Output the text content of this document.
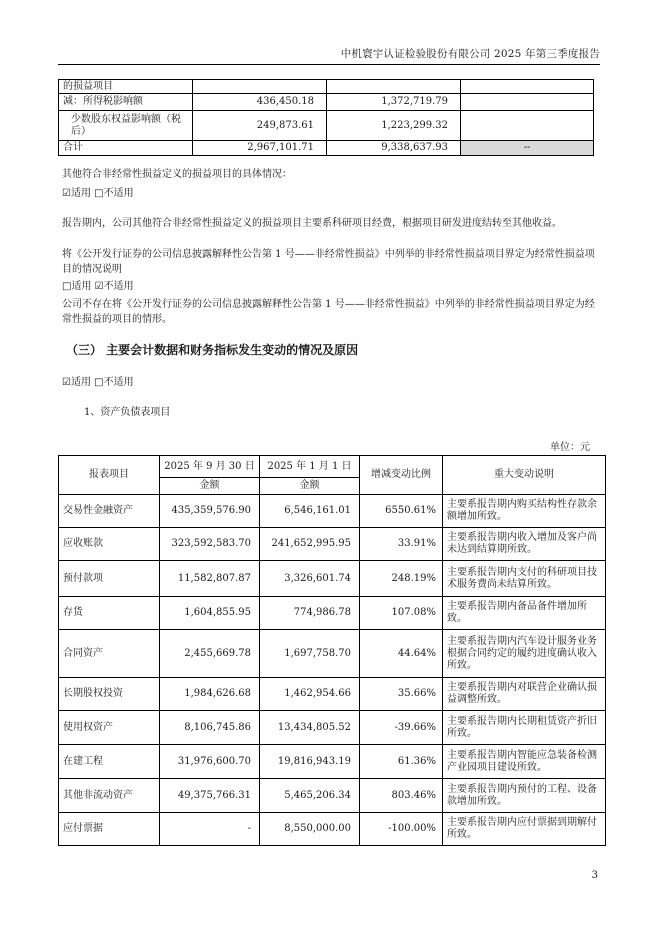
中机寰宇认证检验股份有限公司 2025 年第三季度报告
的损益项目			
减：所得税影响额	436,450.18	1,372,719.79	
少数股东权益影响额（税后）	249,873.61	1,223,299.32	
合计	2,967,101.71	9,338,637.93	--
其他符合非经常性损益定义的损益项目的具体情况：
☑适用 □不适用
报告期内，公司其他符合非经常性损益定义的损益项目主要系科研项目经费，根据项目研发进度结转至其他收益。
将《公开发行证券的公司信息披露解释性公告第 1 号——非经常性损益》中列举的非经常性损益项目界定为经常性损益项目的情况说明
□适用 ☑不适用
公司不存在将《公开发行证券的公司信息披露解释性公告第 1 号——非经常性损益》中列举的非经常性损益项目界定为经常性损益的项目的情形。
（三） 主要会计数据和财务指标发生变动的情况及原因
☑适用 □不适用
1、资产负债表项目
单位：元
报表项目	2025 年 9 月 30 日	2025 年 1 月 1 日	增减变动比例	重大变动说明
	金额	金额		
交易性金融资产	435,359,576.90	6,546,161.01	6550.61%	主要系报告期内购买结构性存款余额增加所致。
应收账款	323,592,583.70	241,652,995.95	33.91%	主要系报告期内收入增加及客户尚未达到结算期所致。
预付款项	11,582,807.87	3,326,601.74	248.19%	主要系报告期内支付的科研项目技术服务费尚未结算所致。
存货	1,604,855.95	774,986.78	107.08%	主要系报告期内备品备件增加所致。
合同资产	2,455,669.78	1,697,758.70	44.64%	主要系报告期内汽车设计服务业务根据合同约定的履约进度确认收入所致。
长期股权投资	1,984,626.68	1,462,954.66	35.66%	主要系报告期内对联营企业确认损益调整所致。
使用权资产	8,106,745.86	13,434,805.52	-39.66%	主要系报告期内长期租赁资产折旧所致。
在建工程	31,976,600.70	19,816,943.19	61.36%	主要系报告期内智能应急装备检测产业园项目建设所致。
其他非流动资产	49,375,766.31	5,465,206.34	803.46%	主要系报告期内预付的工程、设备款增加所致。
应付票据	-	8,550,000.00	-100.00%	主要系报告期内应付票据到期解付所致。
3
